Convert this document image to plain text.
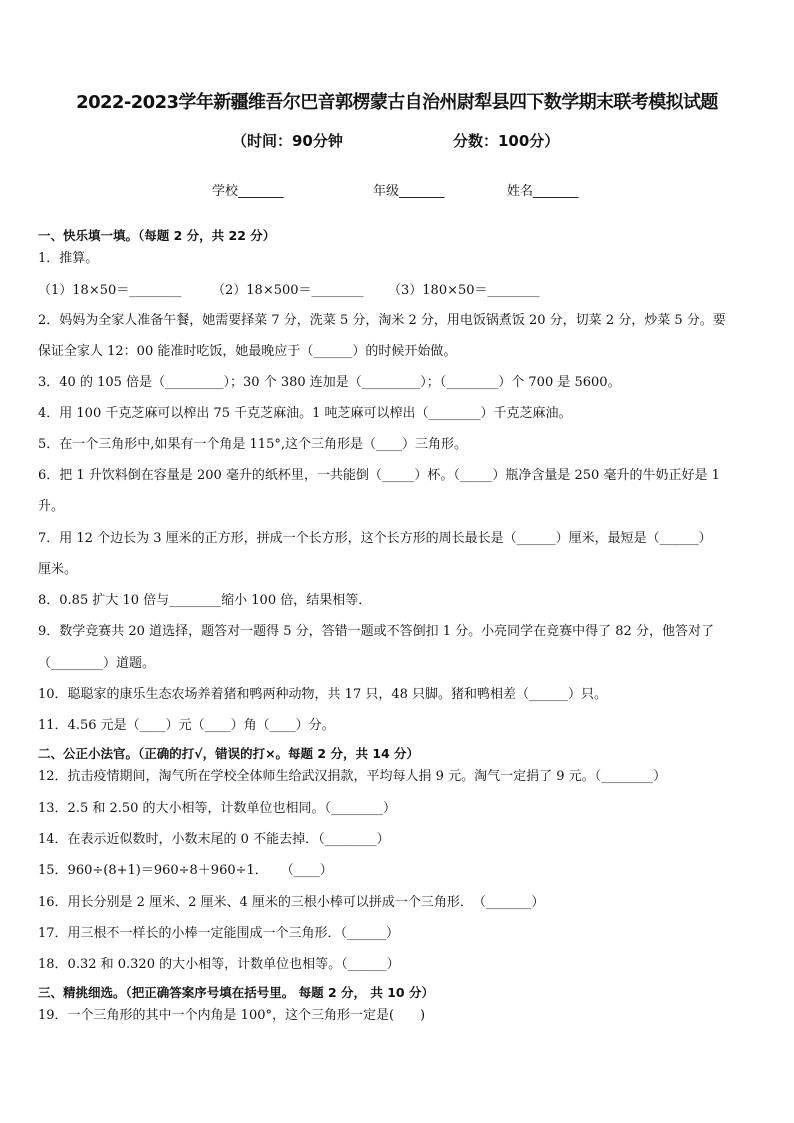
2022-2023学年新疆维吾尔巴音郭楞蒙古自治州尉犁县四下数学期末联考模拟试题
（时间：90分钟	分数：100分）
学校_______	年级_______	姓名_______
一、快乐填一填。（每题 2 分，共 22 分）
1．推算。
（1）18×50＝________ （2）18×500＝________ （3）180×50＝________
2．妈妈为全家人准备午餐，她需要择菜 7 分，洗菜 5 分，淘米 2 分，用电饭锅煮饭 20 分，切菜 2 分，炒菜 5 分。要
保证全家人 12：00 能准时吃饭，她最晚应于（______）的时候开始做。
3．40 的 105 倍是（_________）；30 个 380 连加是（_________）；（________）个 700 是 5600。
4．用 100 千克芝麻可以榨出 75 千克芝麻油。1 吨芝麻可以榨出（________）千克芝麻油。
5．在一个三角形中,如果有一个角是 115°,这个三角形是（____）三角形。
6．把 1 升饮料倒在容量是 200 毫升的纸杯里，一共能倒（_____）杯。（_____）瓶净含量是 250 毫升的牛奶正好是 1
升。
7．用 12 个边长为 3 厘米的正方形，拼成一个长方形，这个长方形的周长最长是（______）厘米，最短是（______）
厘米。
8．0.85 扩大 10 倍与________缩小 100 倍，结果相等．
9．数学竞赛共 20 道选择，题答对一题得 5 分，答错一题或不答倒扣 1 分。小亮同学在竞赛中得了 82 分，他答对了
（________）道题。
10．聪聪家的康乐生态农场养着猪和鸭两种动物，共 17 只，48 只脚。猪和鸭相差（______）只。
11．4.56 元是（____）元（____）角（____）分。
二、公正小法官。（正确的打√，错误的打×。每题 2 分，共 14 分）
12．抗击疫情期间，淘气所在学校全体师生给武汉捐款，平均每人捐 9 元。淘气一定捐了 9 元。（________）
13．2.5 和 2.50 的大小相等，计数单位也相同。（________）
14．在表示近似数时，小数末尾的 0 不能去掉．（________）
15．960÷(8+1)＝960÷8＋960÷1．　　（____）
16．用长分别是 2 厘米、2 厘米、4 厘米的三根小棒可以拼成一个三角形．　（_______）
17．用三根不一样长的小棒一定能围成一个三角形．（______）
18．0.32 和 0.320 的大小相等，计数单位也相等。（______）
三、精挑细选。（把正确答案序号填在括号里。 每题 2 分， 共 10 分）
19．一个三角形的其中一个内角是 100°，这个三角形一定是(　　)
